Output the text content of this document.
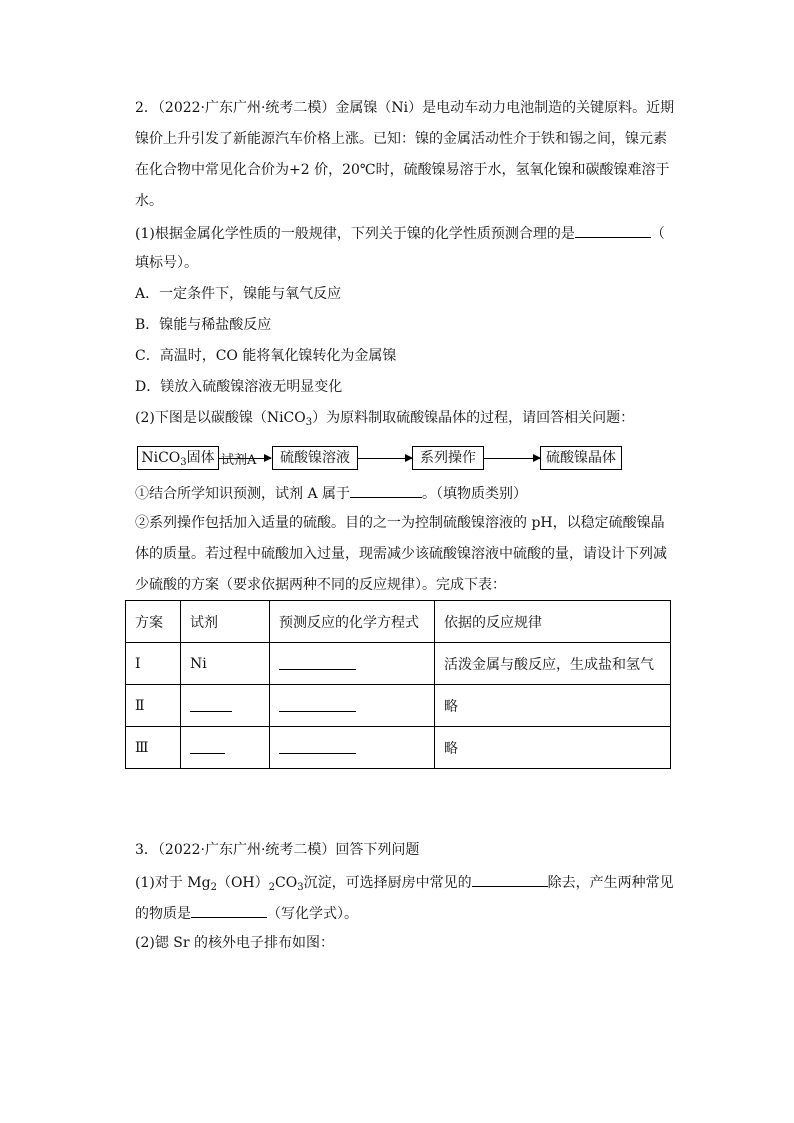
2．（2022·广东广州·统考二模）金属镍（Ni）是电动车动力电池制造的关键原料。近期
镍价上升引发了新能源汽车价格上涨。已知：镍的金属活动性介于铁和锡之间，镍元素
在化合物中常见化合价为+2 价，20℃时，硫酸镍易溶于水，氢氧化镍和碳酸镍难溶于
水。
(1)根据金属化学性质的一般规律，下列关于镍的化学性质预测合理的是	（
填标号）。
A．一定条件下，镍能与氧气反应
B．镍能与稀盐酸反应
C．高温时，CO 能将氧化镍转化为金属镍
D．镁放入硫酸镍溶液无明显变化
(2)下图是以碳酸镍（NiCO$_3$）为原料制取硫酸镍晶体的过程，请回答相关问题：
NiCO$_3$固体 试剂A	硫酸镍溶液	系列操作	硫酸镍晶体
①结合所学知识预测，试剂 A 属于	。（填物质类别）
②系列操作包括加入适量的硫酸。目的之一为控制硫酸镍溶液的 pH，以稳定硫酸镍晶
体的质量。若过程中硫酸加入过量，现需减少该硫酸镍溶液中硫酸的量，请设计下列减
少硫酸的方案（要求依据两种不同的反应规律）。完成下表：
方案	试剂	预测反应的化学方程式	依据的反应规律
Ⅰ	Ni		活泼金属与酸反应，生成盐和氢气
Ⅱ			略
Ⅲ			略
3．（2022·广东广州·统考二模）回答下列问题
(1)对于 $Mg_2(OH)_2CO_3$沉淀，可选择厨房中常见的	除去，产生两种常见
的物质是	（写化学式）。
(2)锶 Sr 的核外电子排布如图：
